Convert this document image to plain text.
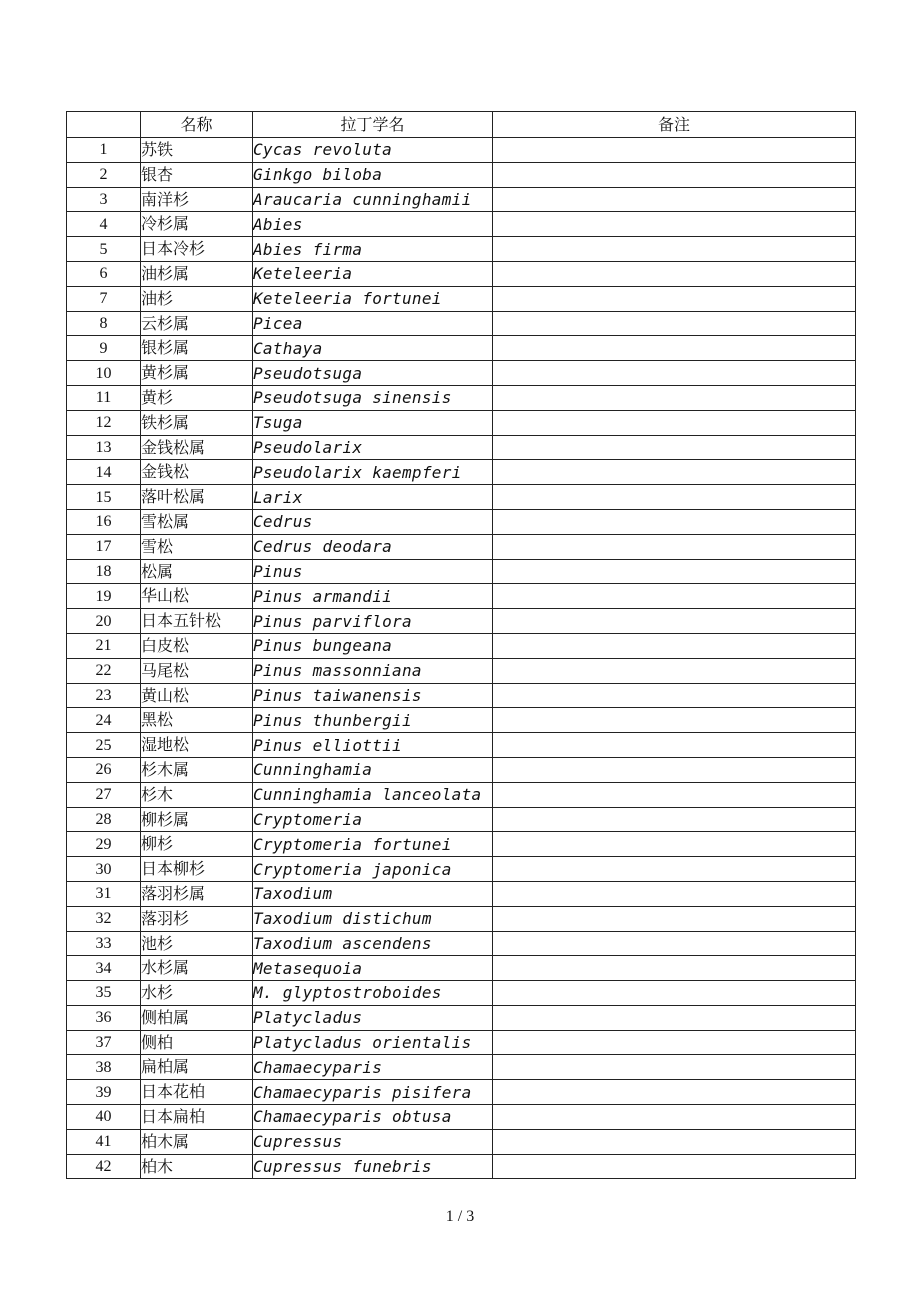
	名称	拉丁学名	备注
1	苏铁	Cycas revoluta	
2	银杏	Ginkgo biloba	
3	南洋杉	Araucaria cunninghamii	
4	冷杉属	Abies	
5	日本冷杉	Abies firma	
6	油杉属	Keteleeria	
7	油杉	Keteleeria fortunei	
8	云杉属	Picea	
9	银杉属	Cathaya	
10	黄杉属	Pseudotsuga	
11	黄杉	Pseudotsuga sinensis	
12	铁杉属	Tsuga	
13	金钱松属	Pseudolarix	
14	金钱松	Pseudolarix kaempferi	
15	落叶松属	Larix	
16	雪松属	Cedrus	
17	雪松	Cedrus deodara	
18	松属	Pinus	
19	华山松	Pinus armandii	
20	日本五针松	Pinus parviflora	
21	白皮松	Pinus bungeana	
22	马尾松	Pinus massonniana	
23	黄山松	Pinus taiwanensis	
24	黑松	Pinus thunbergii	
25	湿地松	Pinus elliottii	
26	杉木属	Cunninghamia	
27	杉木	Cunninghamia lanceolata	
28	柳杉属	Cryptomeria	
29	柳杉	Cryptomeria fortunei	
30	日本柳杉	Cryptomeria japonica	
31	落羽杉属	Taxodium	
32	落羽杉	Taxodium distichum	
33	池杉	Taxodium ascendens	
34	水杉属	Metasequoia	
35	水杉	M. glyptostroboides	
36	侧柏属	Platycladus	
37	侧柏	Platycladus orientalis	
38	扁柏属	Chamaecyparis	
39	日本花柏	Chamaecyparis pisifera	
40	日本扁柏	Chamaecyparis obtusa	
41	柏木属	Cupressus	
42	柏木	Cupressus funebris	
1 / 3
